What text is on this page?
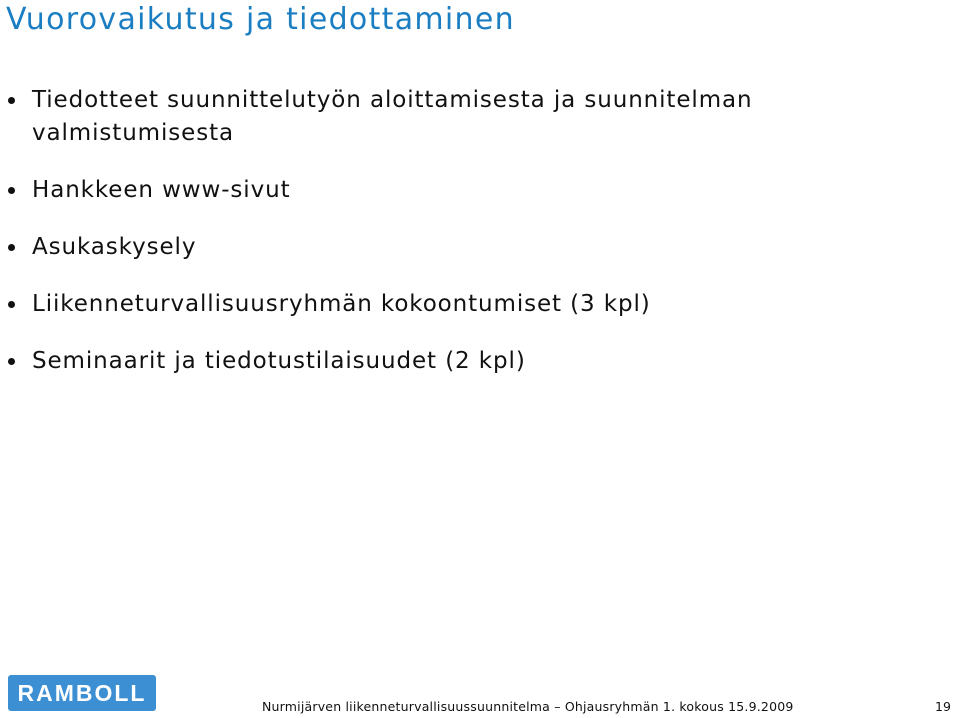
Vuorovaikutus ja tiedottaminen
Tiedotteet suunnittelutyön aloittamisesta ja suunnitelman valmistumisesta
Hankkeen www-sivut
Asukaskysely
Liikenneturvallisuusryhmän kokoontumiset (3 kpl)
Seminaarit ja tiedotustilaisuudet (2 kpl)
RAMBOLL
Nurmijärven liikenneturvallisuussuunnitelma – Ohjausryhmän 1. kokous 15.9.2009	19
